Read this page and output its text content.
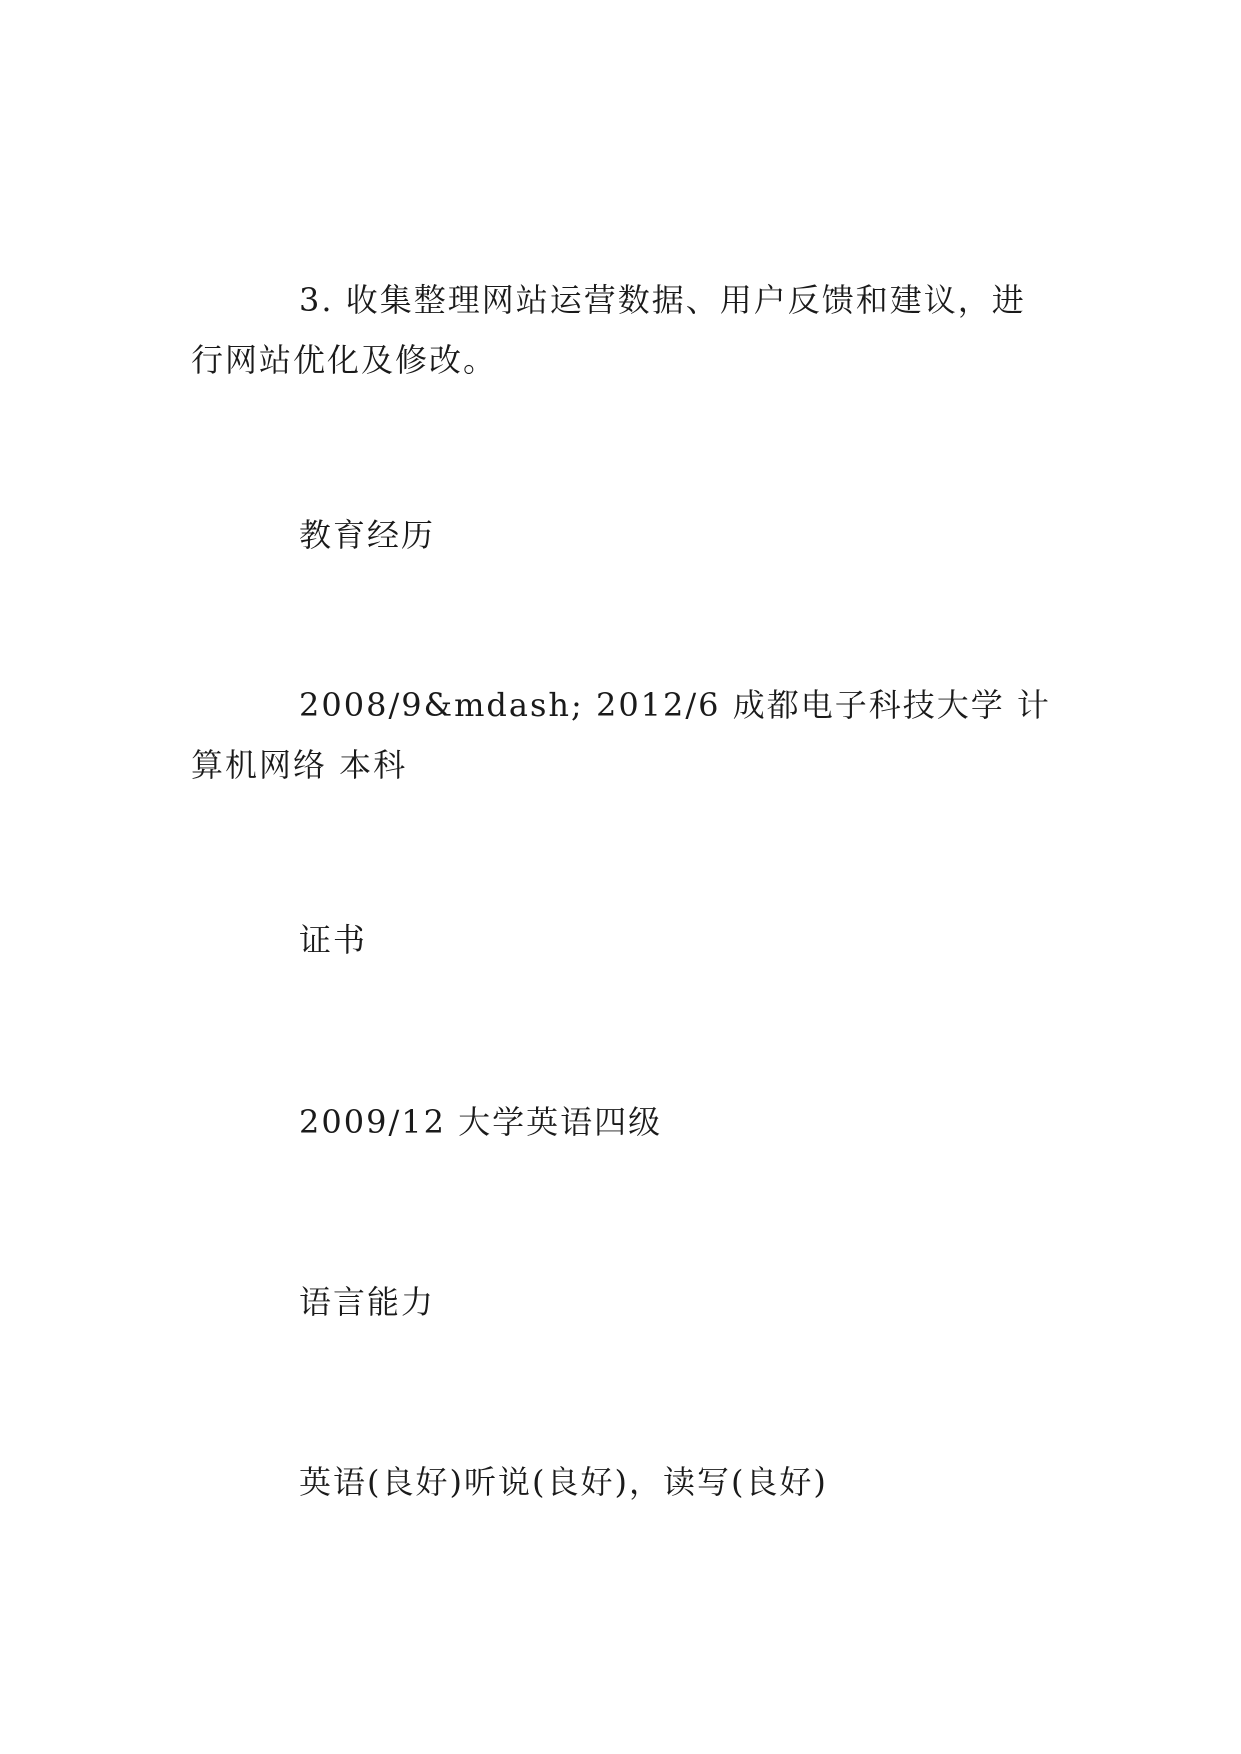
3. 收集整理网站运营数据、用户反馈和建议，进行网站优化及修改。

教育经历

2008/9&mdash; 2012/6 成都电子科技大学 计算机网络 本科

证书

2009/12 大学英语四级

语言能力

英语(良好)听说(良好)，读写(良好)
